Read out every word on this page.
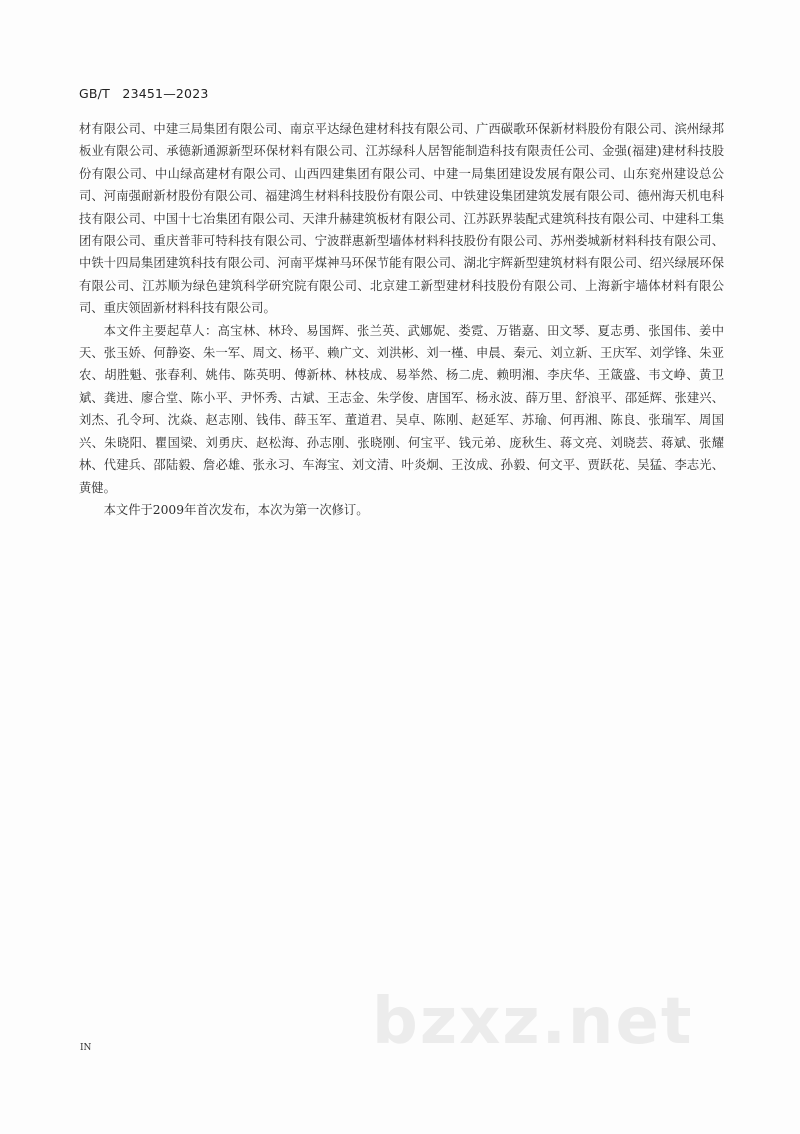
GB/T   23451—2023

材有限公司、中建三局集团有限公司、南京平达绿色建材科技有限公司、广西碳歌环保新材料股份有限公司、滨州绿邦板业有限公司、承德新通源新型环保材料有限公司、江苏绿科人居智能制造科技有限责任公司、金强(福建)建材科技股份有限公司、中山绿高建材有限公司、山西四建集团有限公司、中建一局集团建设发展有限公司、山东兖州建设总公司、河南强耐新材股份有限公司、福建鸿生材料科技股份有限公司、中铁建设集团建筑发展有限公司、德州海天机电科技有限公司、中国十七冶集团有限公司、天津升赫建筑板材有限公司、江苏跃界装配式建筑科技有限公司、中建科工集团有限公司、重庆普菲可特科技有限公司、宁波群惠新型墙体材料科技股份有限公司、苏州娄城新材料科技有限公司、中铁十四局集团建筑科技有限公司、河南平煤神马环保节能有限公司、湖北宇辉新型建筑材料有限公司、绍兴绿展环保有限公司、江苏顺为绿色建筑科学研究院有限公司、北京建工新型建材科技股份有限公司、上海新宇墙体材料有限公司、重庆领固新材料科技有限公司。

本文件主要起草人：高宝林、林玲、易国辉、张兰英、武娜妮、娄霓、万锴嘉、田文琴、夏志勇、张国伟、姜中天、张玉娇、何静姿、朱一军、周文、杨平、赖广文、刘洪彬、刘一槿、申晨、秦元、刘立新、王庆军、刘学锋、朱亚农、胡胜魁、张春利、姚伟、陈英明、傅新林、林枝成、易举然、杨二虎、赖明湘、李庆华、王箴盛、韦文峥、黄卫斌、龚进、廖合堂、陈小平、尹怀秀、古斌、王志金、朱学俊、唐国军、杨永波、薛万里、舒浪平、邵延辉、张建兴、刘杰、孔令珂、沈焱、赵志刚、钱伟、薛玉军、董道君、吴卓、陈刚、赵延军、苏瑜、何再湘、陈良、张瑞军、周国兴、朱晓阳、瞿国梁、刘勇庆、赵松海、孙志刚、张晓刚、何宝平、钱元弟、庞秋生、蒋文亮、刘晓芸、蒋斌、张耀林、代建兵、邵陆毅、詹必雄、张永习、车海宝、刘文清、叶炎炯、王汝成、孙毅、何文平、贾跃花、吴猛、李志光、黄健。

本文件于2009年首次发布，本次为第一次修订。

bzxz.net
IN
